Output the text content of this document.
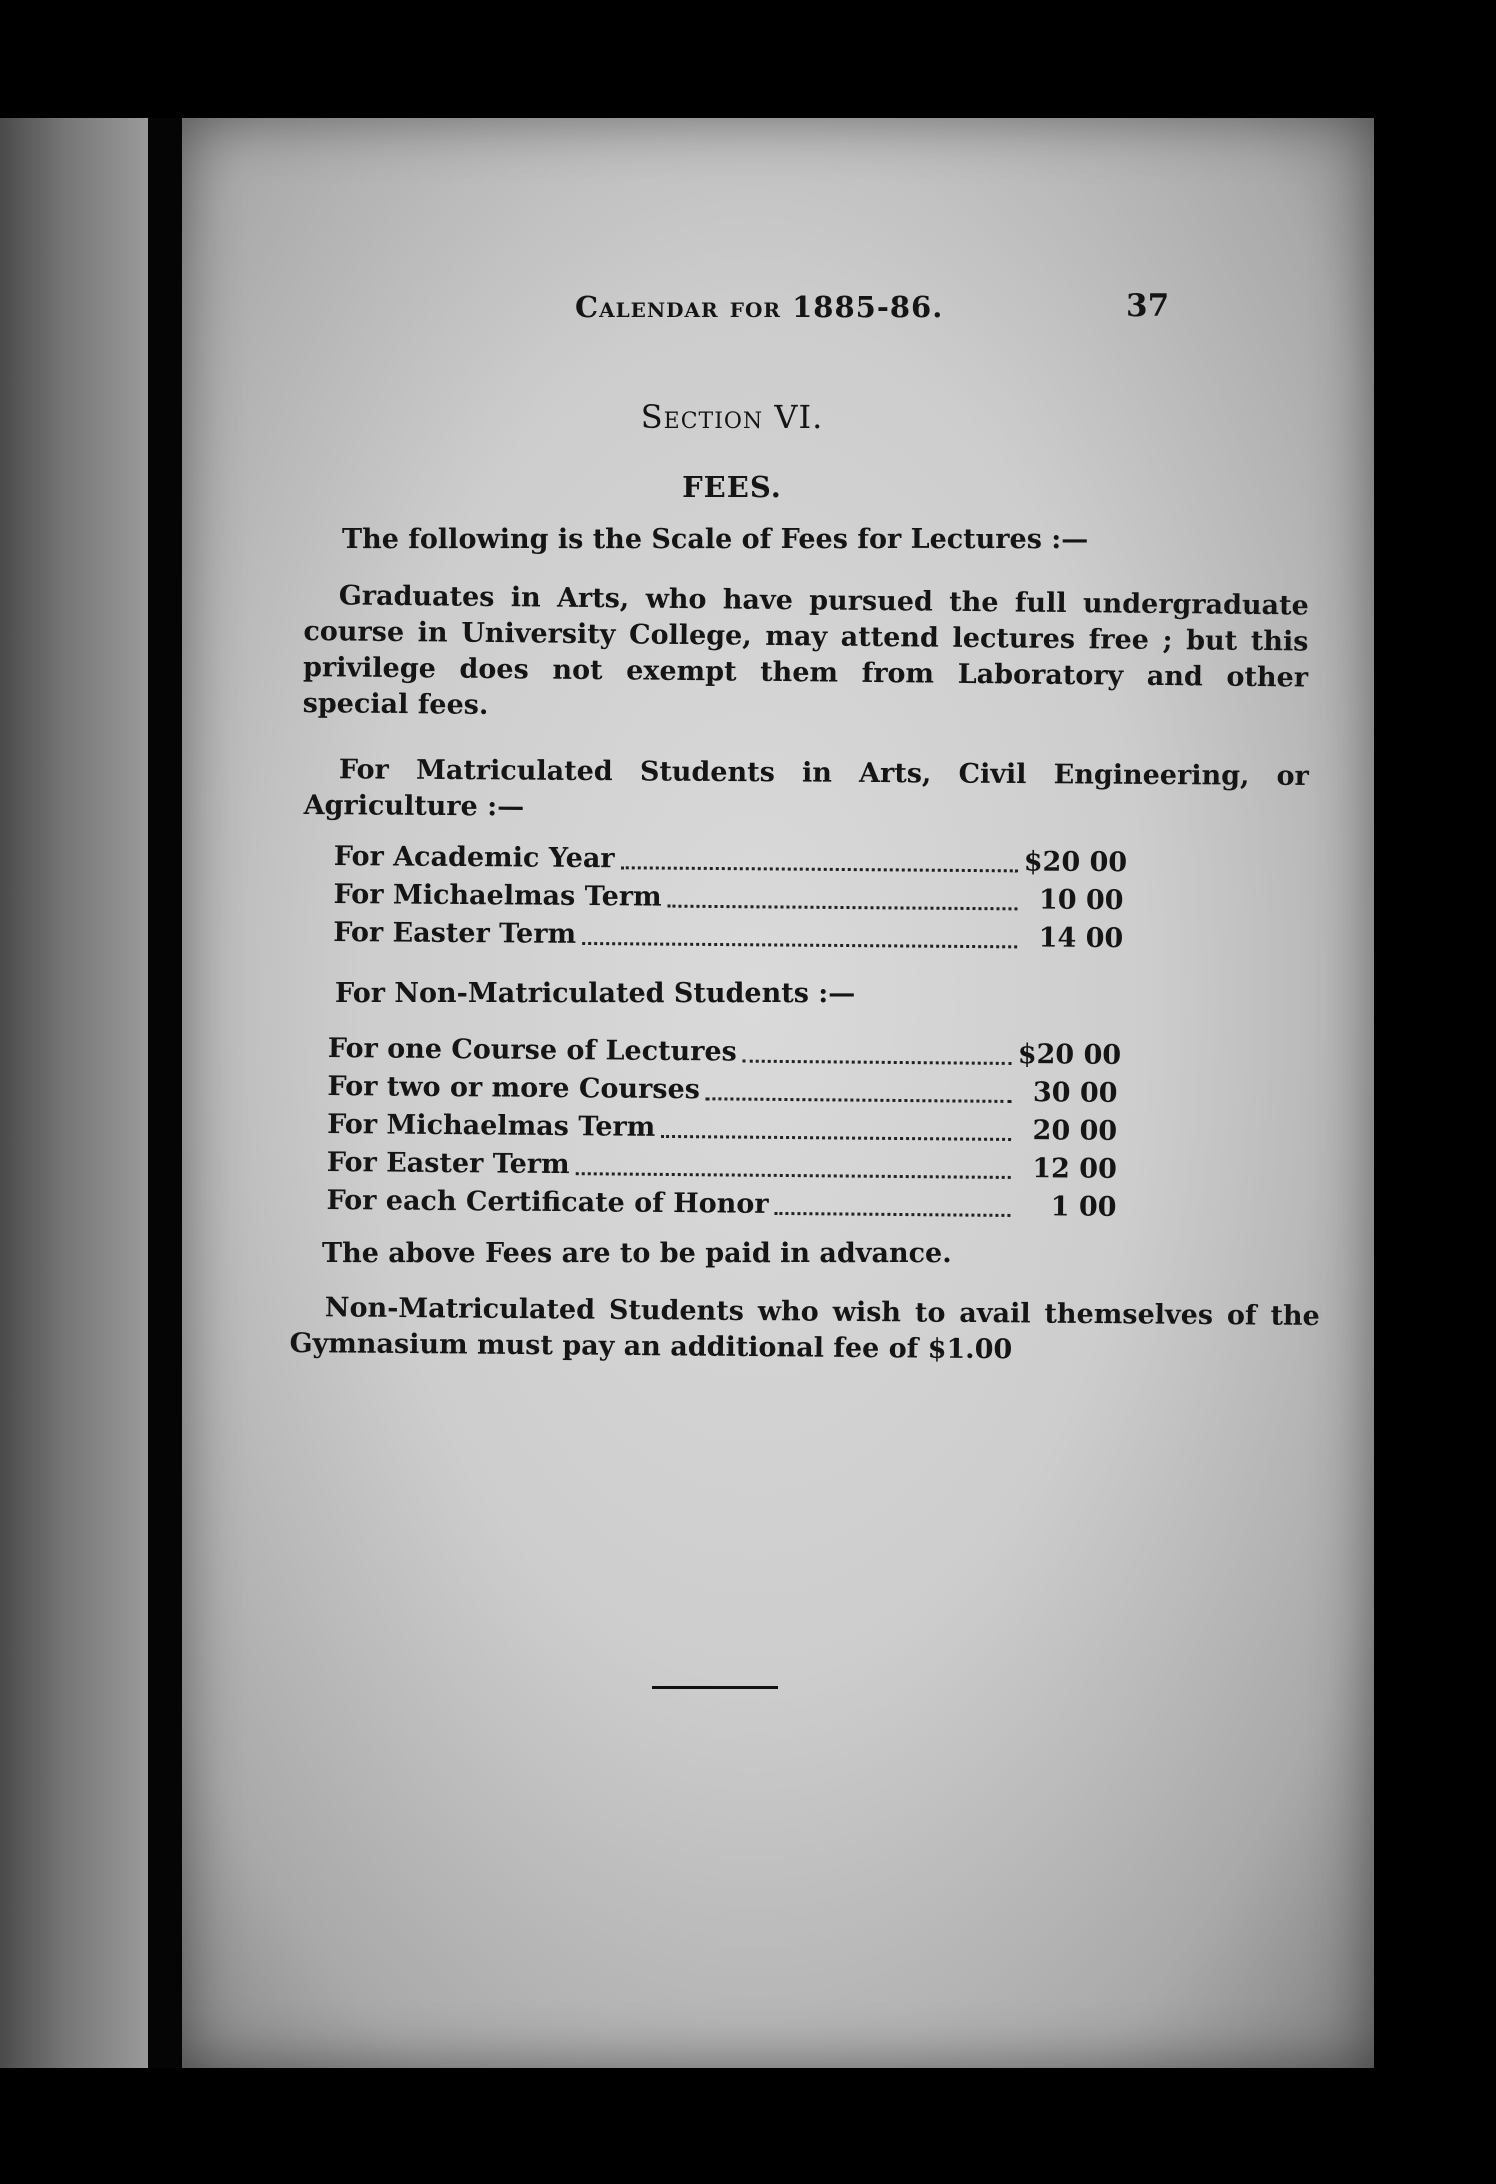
Calendar for 1885-86.	37
Section VI.
FEES.
The following is the Scale of Fees for Lectures :—
Graduates in Arts, who have pursued the full undergraduate course in University College, may attend lectures free ; but this privilege does not exempt them from Laboratory and other special fees.
For Matriculated Students in Arts, Civil Engineering, or Agriculture :—
For Academic Year	$20 00
For Michaelmas Term	10 00
For Easter Term	14 00
For Non-Matriculated Students :—
For one Course of Lectures	$20 00
For two or more Courses	30 00
For Michaelmas Term	20 00
For Easter Term	12 00
For each Certificate of Honor	1 00
The above Fees are to be paid in advance.
Non-Matriculated Students who wish to avail themselves of the Gymnasium must pay an additional fee of $1.00
